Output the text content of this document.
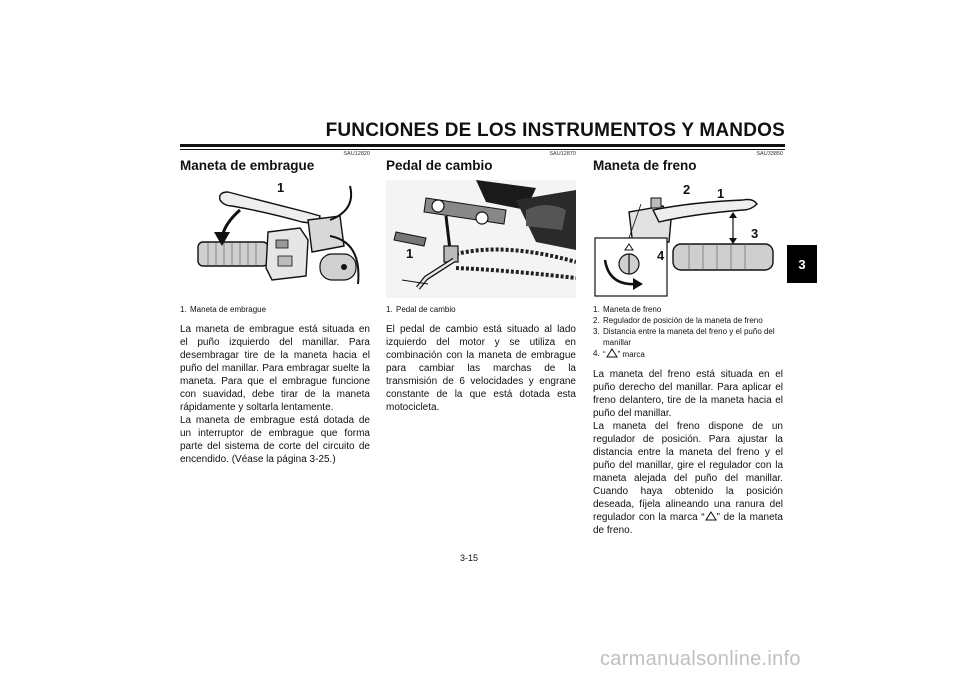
FUNCIONES DE LOS INSTRUMENTOS Y MANDOS
3
SAU12820
Maneta de embrague
1
1. Maneta de embrague

La maneta de embrague está situada en el puño izquierdo del manillar. Para desembragar tire de la maneta hacia el puño del manillar. Para embragar suelte la maneta. Para que el embrague funcione con suavidad, debe tirar de la maneta rápidamente y soltarla lentamente.

La maneta de embrague está dotada de un interruptor de embrague que forma parte del sistema de corte del circuito de encendido. (Véase la página 3-25.)

SAU12870
Pedal de cambio
1
1. Pedal de cambio

El pedal de cambio está situado al lado izquierdo del motor y se utiliza en combinación con la maneta de embrague para cambiar las marchas de la transmisión de 6 velocidades y engrane constante de la que está dotada esta motocicleta.

SAU33850
Maneta de freno
1
2
3
4
1. Maneta de freno
2. Regulador de posición de la maneta de freno
3. Distancia entre la maneta del freno y el puño del manillar
4. “ ” marca

La maneta del freno está situada en el puño derecho del manillar. Para aplicar el freno delantero, tire de la maneta hacia el puño del manillar.

La maneta del freno dispone de un regulador de posición. Para ajustar la distancia entre la maneta del freno y el puño del manillar, gire el regulador con la maneta alejada del puño del manillar. Cuando haya obtenido la posición deseada, fíjela alineando una ranura del regulador con la marca “ ” de la maneta de freno.

3-15
carmanualsonline.info
